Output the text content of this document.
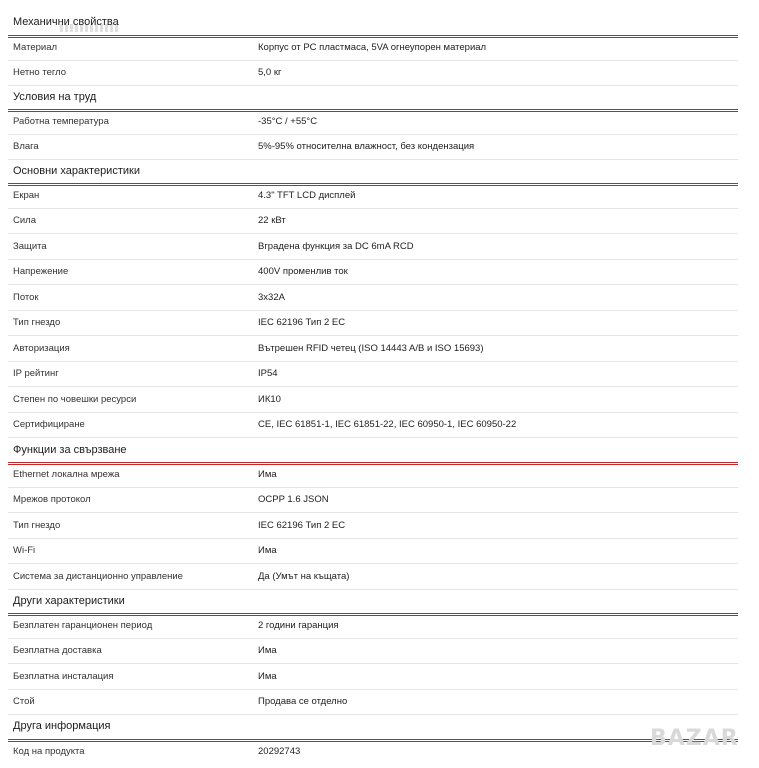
Механични свойства
Материал	Корпус от PC пластмаса, 5VA огнеупорен материал
Нетно тегло	5,0 кг
Условия на труд
Работна температура	-35°C / +55°C
Влага	5%-95% относителна влажност, без кондензация
Основни характеристики
Екран	4.3" TFT LCD дисплей
Сила	22 кВт
Защита	Вградена функция за DC 6mA RCD
Напрежение	400V променлив ток
Поток	3x32A
Тип гнездо	IEC 62196 Тип 2 ЕС
Авторизация	Вътрешен RFID четец (ISO 14443 A/B и ISO 15693)
IP рейтинг	IP54
Степен по човешки ресурси	ИК10
Сертифициране	CE, IEC 61851-1, IEC 61851-22, IEC 60950-1, IEC 60950-22
Функции за свързване
Ethernet локална мрежа	Има
Мрежов протокол	OCPP 1.6 JSON
Тип гнездо	IEC 62196 Тип 2 ЕС
Wi-Fi	Има
Система за дистанционно управление	Да (Умът на къщата)
Други характеристики
Безплатен гаранционен период	2 години гаранция
Безплатна доставка	Има
Безплатна инсталация	Има
Стой	Продава се отделно
Друга информация
Код на продукта	20292743
BAZAR
